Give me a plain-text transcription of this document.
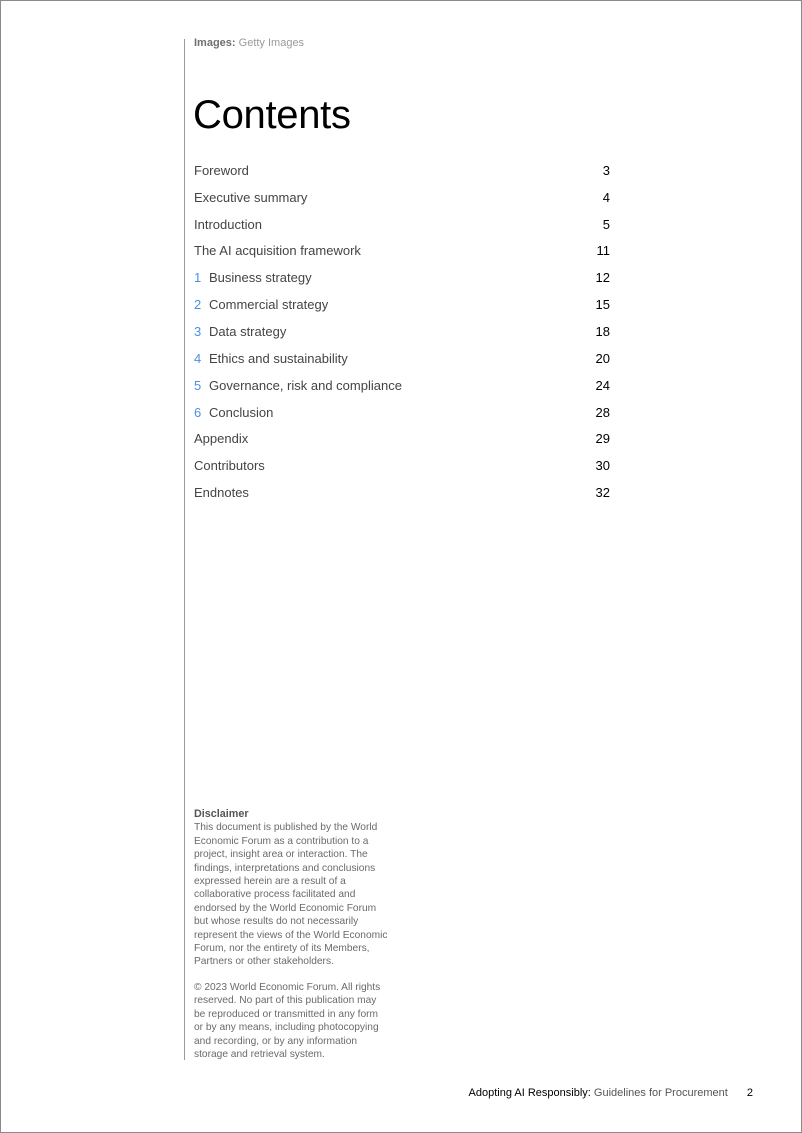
Images: Getty Images
Contents
Foreword	3
Executive summary	4
Introduction	5
The AI acquisition framework	11
1 Business strategy	12
2 Commercial strategy	15
3 Data strategy	18
4 Ethics and sustainability	20
5 Governance, risk and compliance	24
6 Conclusion	28
Appendix	29
Contributors	30
Endnotes	32
Disclaimer

This document is published by the World Economic Forum as a contribution to a project, insight area or interaction. The findings, interpretations and conclusions expressed herein are a result of a collaborative process facilitated and endorsed by the World Economic Forum but whose results do not necessarily represent the views of the World Economic Forum, nor the entirety of its Members, Partners or other stakeholders.

© 2023 World Economic Forum. All rights reserved. No part of this publication may be reproduced or transmitted in any form or by any means, including photocopying and recording, or by any information storage and retrieval system.

Adopting AI Responsibly: Guidelines for Procurement 2
